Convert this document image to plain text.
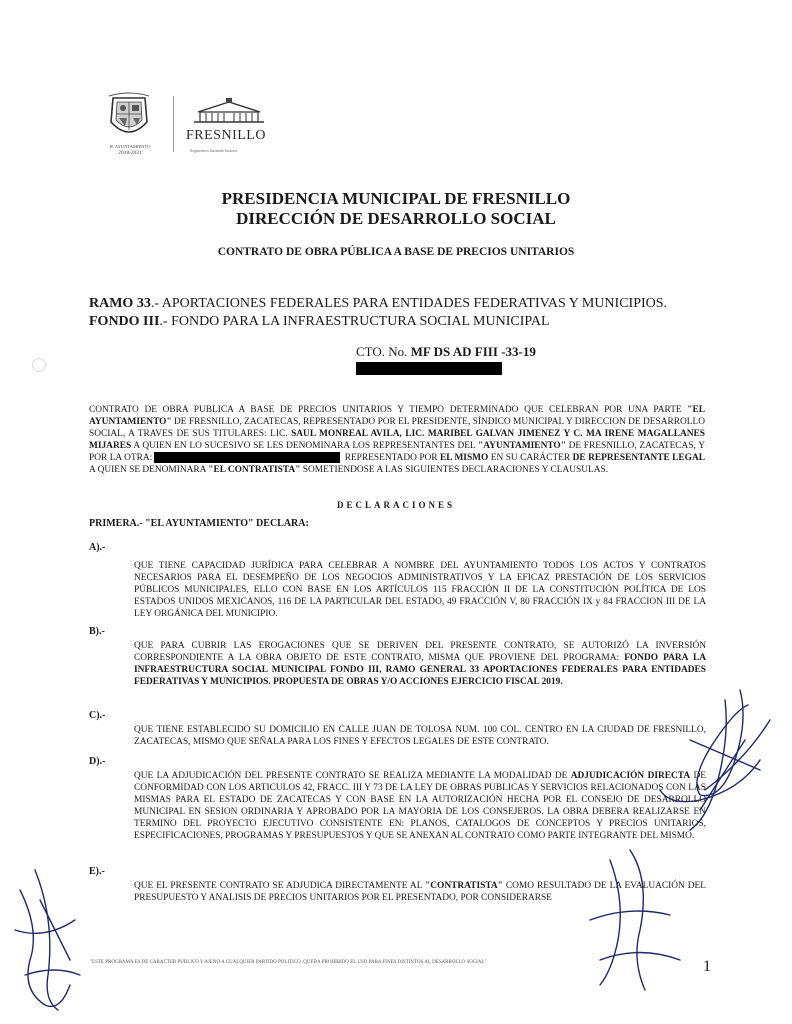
H. AYUNTAMIENTO
2018-2021
FRESNILLO
Seguiremos haciendo historia
PRESIDENCIA MUNICIPAL DE FRESNILLO
DIRECCIÓN DE DESARROLLO SOCIAL
CONTRATO DE OBRA PÚBLICA A BASE DE PRECIOS UNITARIOS
RAMO 33.- APORTACIONES FEDERALES PARA ENTIDADES FEDERATIVAS Y MUNICIPIOS.
FONDO III.- FONDO PARA LA INFRAESTRUCTURA SOCIAL MUNICIPAL
CTO. No. MF DS AD FIII -33-19
CONTRATO DE OBRA PUBLICA A BASE DE PRECIOS UNITARIOS Y TIEMPO DETERMINADO QUE CELEBRAN POR UNA PARTE "EL AYUNTAMIENTO" DE FRESNILLO, ZACATECAS, REPRESENTADO POR EL PRESIDENTE, SÍNDICO MUNICIPAL Y DIRECCION DE DESARROLLO SOCIAL, A TRAVES DE SUS TITULARES: LIC. SAUL MONREAL AVILA, LIC. MARIBEL GALVAN JIMENEZ Y C. MA IRENE MAGALLANES MIJARES A QUIEN EN LO SUCESIVO SE LES DENOMINARA LOS REPRESENTANTES DEL "AYUNTAMIENTO" DE FRESNILLO, ZACATECAS, Y POR LA OTRA:	REPRESENTADO POR EL MISMO EN SU CARÁCTER DE REPRESENTANTE LEGAL A QUIEN SE DENOMINARA "EL CONTRATISTA" SOMETIENDOSE A LAS SIGUIENTES DECLARACIONES Y CLAUSULAS.
DECLARACIONES
PRIMERA.- "EL AYUNTAMIENTO" DECLARA:
A).-
QUE TIENE CAPACIDAD JURÍDICA PARA CELEBRAR A NOMBRE DEL AYUNTAMIENTO TODOS LOS ACTOS Y CONTRATOS NECESARIOS PARA EL DESEMPEÑO DE LOS NEGOCIOS ADMINISTRATIVOS Y LA EFICAZ PRESTACIÓN DE LOS SERVICIOS PÚBLICOS MUNICIPALES, ELLO CON BASE EN LOS ARTÍCULOS 115 FRACCIÓN II DE LA CONSTITUCIÓN POLÍTICA DE LOS ESTADOS UNIDOS MEXICANOS, 116 DE LA PARTICULAR DEL ESTADO, 49 FRACCIÓN V, 80 FRACCIÓN IX y 84 FRACCION III DE LA LEY ORGÁNICA DEL MUNICIPIO.
B).-
QUE PARA CUBRIR LAS EROGACIONES QUE SE DERIVEN DEL PRESENTE CONTRATO, SE AUTORIZÓ LA INVERSIÓN CORRESPONDIENTE A LA OBRA OBJETO DE ESTE CONTRATO, MISMA QUE PROVIENE DEL PROGRAMA: FONDO PARA LA INFRAESTRUCTURA SOCIAL MUNICIPAL FONDO III, RAMO GENERAL 33 APORTACIONES FEDERALES PARA ENTIDADES FEDERATIVAS Y MUNICIPIOS. PROPUESTA DE OBRAS Y/O ACCIONES EJERCICIO FISCAL 2019.
C).-
QUE TIENE ESTABLECIDO SU DOMICILIO EN CALLE JUAN DE TOLOSA NUM. 100 COL. CENTRO EN LA CIUDAD DE FRESNILLO, ZACATECAS, MISMO QUE SEÑALA PARA LOS FINES Y EFECTOS LEGALES DE ESTE CONTRATO.
D).-
QUE LA ADJUDICACIÓN DEL PRESENTE CONTRATO SE REALIZA MEDIANTE LA MODALIDAD DE ADJUDICACIÓN DIRECTA DE CONFORMIDAD CON LOS ARTICULOS 42, FRACC. III Y 73 DE LA LEY DE OBRAS PUBLICAS Y SERVICIOS RELACIONADOS CON LAS MISMAS PARA EL ESTADO DE ZACATECAS Y CON BASE EN LA AUTORIZACIÓN HECHA POR EL CONSEJO DE DESARROLLO MUNICIPAL EN SESION ORDINARIA Y APROBADO POR LA MAYORIA DE LOS CONSEJEROS. LA OBRA DEBERA REALIZARSE EN TERMINO DEL PROYECTO EJECUTIVO CONSISTENTE EN: PLANOS, CATALOGOS DE CONCEPTOS Y PRECIOS UNITARIOS, ESPECIFICACIONES, PROGRAMAS Y PRESUPUESTOS Y QUE SE ANEXAN AL CONTRATO COMO PARTE INTEGRANTE DEL MISMO.
E).-
QUE EL PRESENTE CONTRATO SE ADJUDICA DIRECTAMENTE AL "CONTRATISTA" COMO RESULTADO DE LA EVALUACIÓN DEL PRESUPUESTO Y ANALISIS DE PRECIOS UNITARIOS POR EL PRESENTADO, POR CONSIDERARSE
"ESTE PROGRAMA ES DE CARACTER PUBLICO Y AJENO A CUALQUIER PARTIDO POLITICO, QUEDA PROHIBIDO EL USO PARA FINES DISTINTOS AL DESARROLLO SOCIAL"	1
